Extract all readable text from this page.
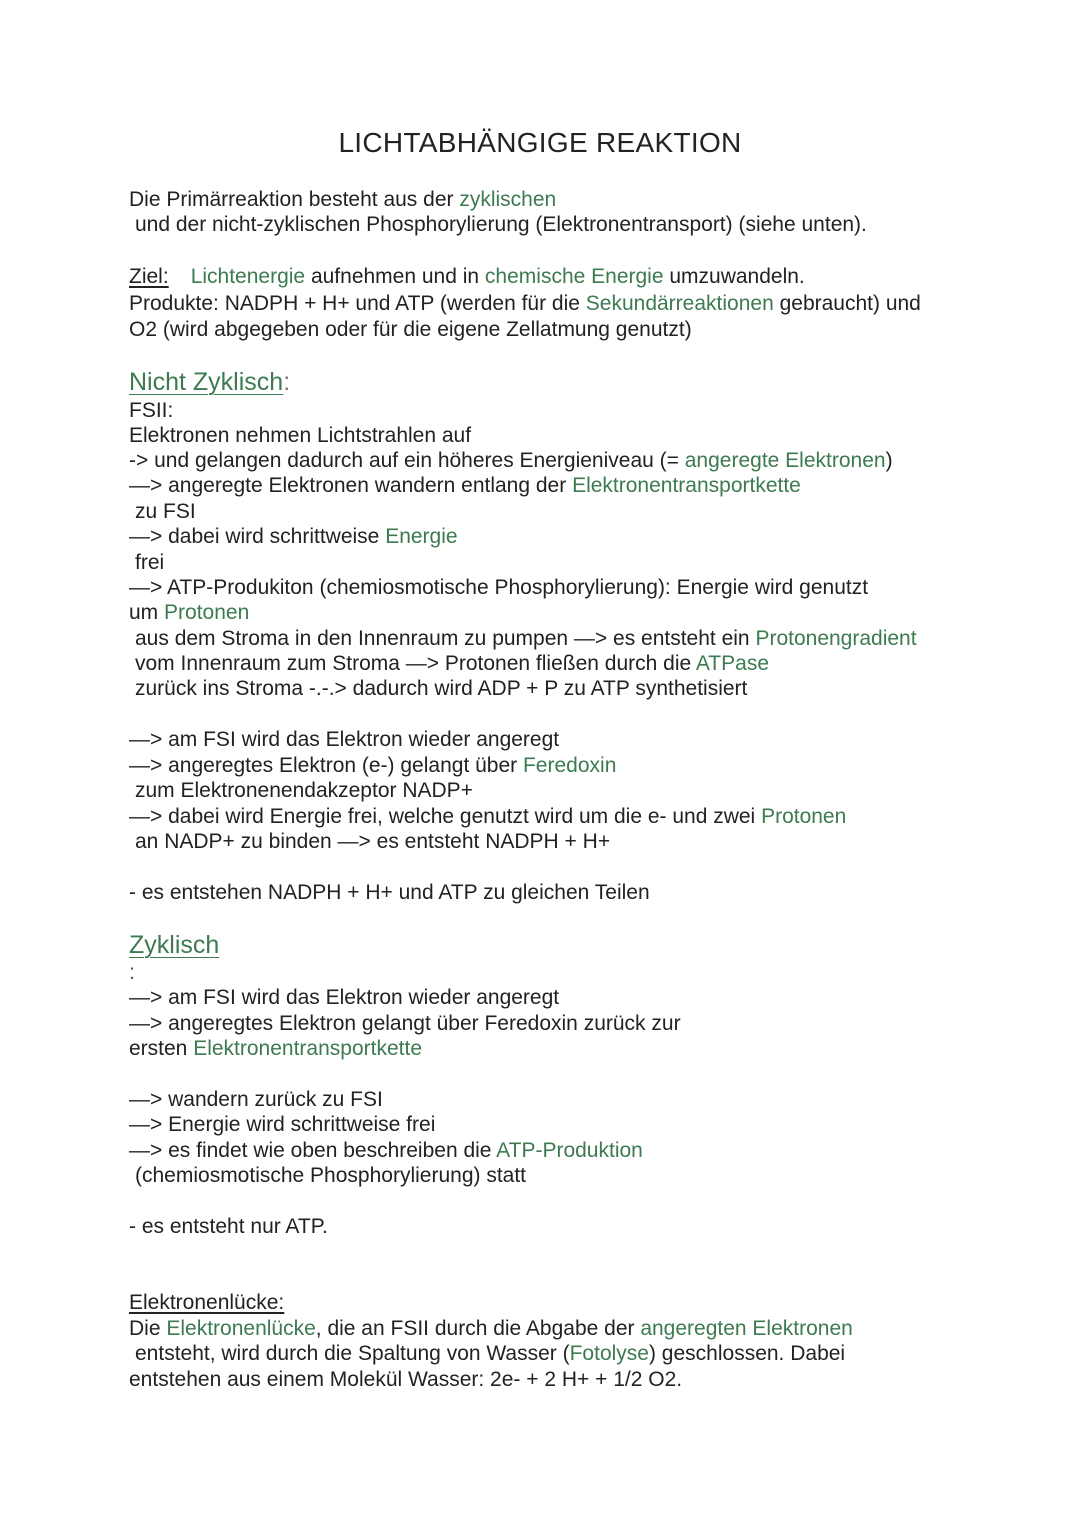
LICHTABHÄNGIGE REAKTION
Die Primärreaktion besteht aus der zyklischen
und der nicht-zyklischen Phosphorylierung (Elektronentransport) (siehe unten).
Ziel: Lichtenergie aufnehmen und in chemische Energie umzuwandeln.
Produkte: NADPH + H+ und ATP (werden für die Sekundärreaktionen gebraucht) und
O2 (wird abgegeben oder für die eigene Zellatmung genutzt)
Nicht Zyklisch:
FSII:
Elektronen nehmen Lichtstrahlen auf
-> und gelangen dadurch auf ein höheres Energieniveau (= angeregte Elektronen)
—> angeregte Elektronen wandern entlang der Elektronentransportkette
zu FSI
—> dabei wird schrittweise Energie
frei
—> ATP-Produkiton (chemiosmotische Phosphorylierung): Energie wird genutzt
um Protonen
aus dem Stroma in den Innenraum zu pumpen —> es entsteht ein Protonengradient
vom Innenraum zum Stroma —> Protonen fließen durch die ATPase
zurück ins Stroma -.-.> dadurch wird ADP + P zu ATP synthetisiert
—> am FSI wird das Elektron wieder angeregt
—> angeregtes Elektron (e-) gelangt über Feredoxin
zum Elektronenendakzeptor NADP+
—> dabei wird Energie frei, welche genutzt wird um die e- und zwei Protonen
an NADP+ zu binden —> es entsteht NADPH + H+
- es entstehen NADPH + H+ und ATP zu gleichen Teilen
Zyklisch
:
—> am FSI wird das Elektron wieder angeregt
—> angeregtes Elektron gelangt über Feredoxin zurück zur
ersten Elektronentransportkette
—> wandern zurück zu FSI
—> Energie wird schrittweise frei
—> es findet wie oben beschreiben die ATP-Produktion
(chemiosmotische Phosphorylierung) statt
- es entsteht nur ATP.
Elektronenlücke:
Die Elektronenlücke, die an FSII durch die Abgabe der angeregten Elektronen
entsteht, wird durch die Spaltung von Wasser (Fotolyse) geschlossen. Dabei
entstehen aus einem Molekül Wasser: 2e- + 2 H+ + 1/2 O2.
